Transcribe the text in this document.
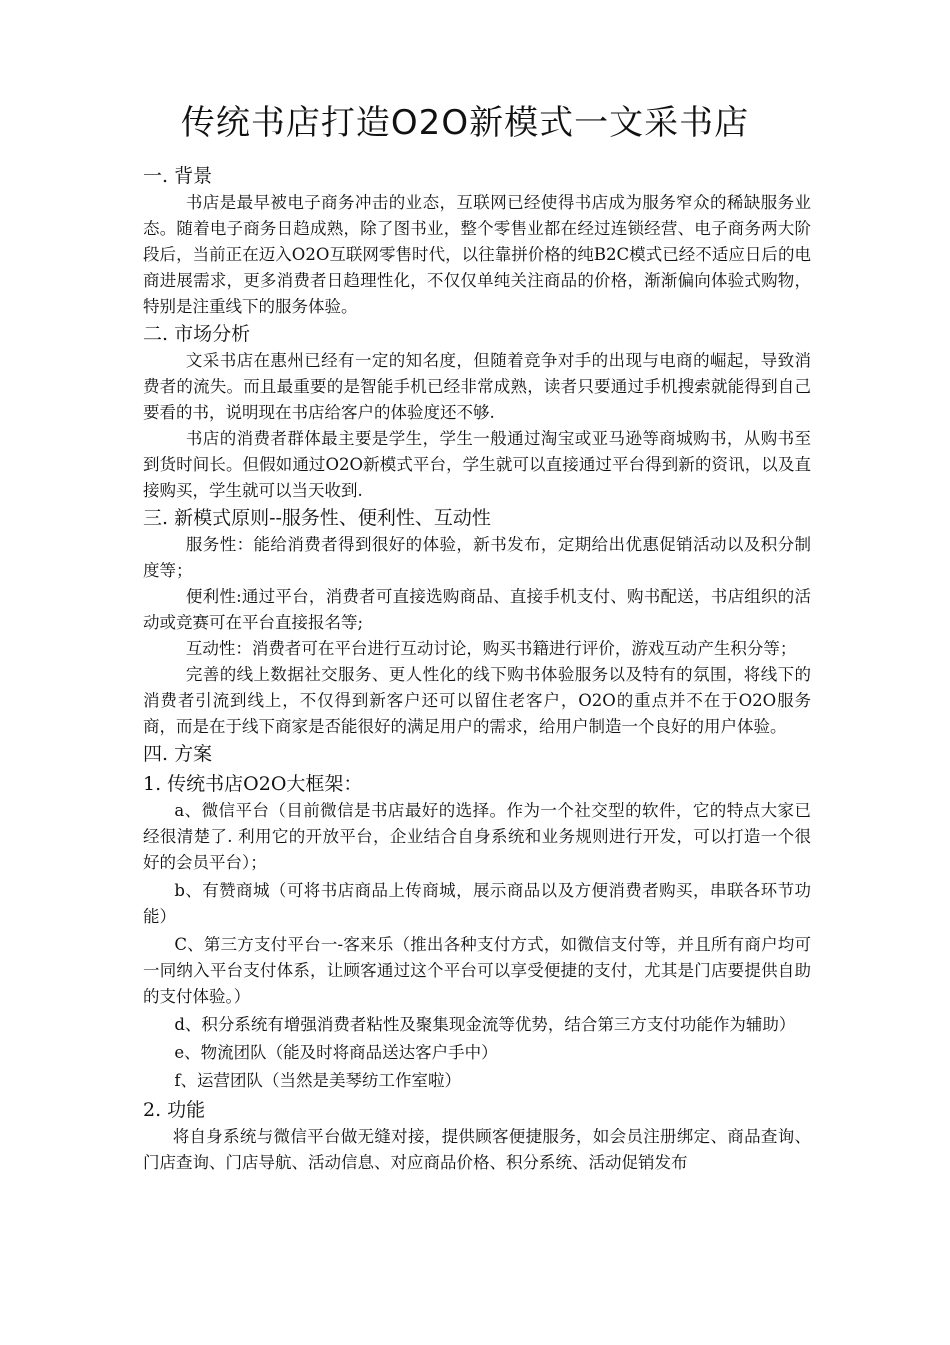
传统书店打造O2O新模式一文采书店
一. 背景

书店是最早被电子商务冲击的业态，互联网已经使得书店成为服务窄众的稀缺服务业态。随着电子商务日趋成熟，除了图书业，整个零售业都在经过连锁经营、电子商务两大阶段后，当前正在迈入O2O互联网零售时代，以往靠拼价格的纯B2C模式已经不适应日后的电商进展需求，更多消费者日趋理性化，不仅仅单纯关注商品的价格，渐渐偏向体验式购物，特别是注重线下的服务体验。

二. 市场分析

文采书店在惠州已经有一定的知名度，但随着竞争对手的出现与电商的崛起，导致消费者的流失。而且最重要的是智能手机已经非常成熟，读者只要通过手机搜索就能得到自己要看的书，说明现在书店给客户的体验度还不够.

书店的消费者群体最主要是学生，学生一般通过淘宝或亚马逊等商城购书，从购书至到货时间长。但假如通过O2O新模式平台，学生就可以直接通过平台得到新的资讯，以及直接购买，学生就可以当天收到.

三. 新模式原则--服务性、便利性、互动性

服务性：能给消费者得到很好的体验，新书发布，定期给出优惠促销活动以及积分制度等；

便利性:通过平台，消费者可直接选购商品、直接手机支付、购书配送，书店组织的活动或竞赛可在平台直接报名等;

互动性：消费者可在平台进行互动讨论，购买书籍进行评价，游戏互动产生积分等；

完善的线上数据社交服务、更人性化的线下购书体验服务以及特有的氛围，将线下的消费者引流到线上，不仅得到新客户还可以留住老客户，O2O的重点并不在于O2O服务商，而是在于线下商家是否能很好的满足用户的需求，给用户制造一个良好的用户体验。

四. 方案
1. 传统书店O2O大框架：

a、微信平台（目前微信是书店最好的选择。作为一个社交型的软件，它的特点大家已经很清楚了. 利用它的开放平台，企业结合自身系统和业务规则进行开发，可以打造一个很好的会员平台）；

b、有赞商城（可将书店商品上传商城，展示商品以及方便消费者购买，串联各环节功能）

C、第三方支付平台一-客来乐（推出各种支付方式，如微信支付等，并且所有商户均可一同纳入平台支付体系，让顾客通过这个平台可以享受便捷的支付，尤其是门店要提供自助的支付体验。）

d、积分系统有增强消费者粘性及聚集现金流等优势，结合第三方支付功能作为辅助）

e、物流团队（能及时将商品送达客户手中）

f、运营团队（当然是美琴纺工作室啦）

2. 功能

将自身系统与微信平台做无缝对接，提供顾客便捷服务，如会员注册绑定、商品查询、门店查询、门店导航、活动信息、对应商品价格、积分系统、活动促销发布
